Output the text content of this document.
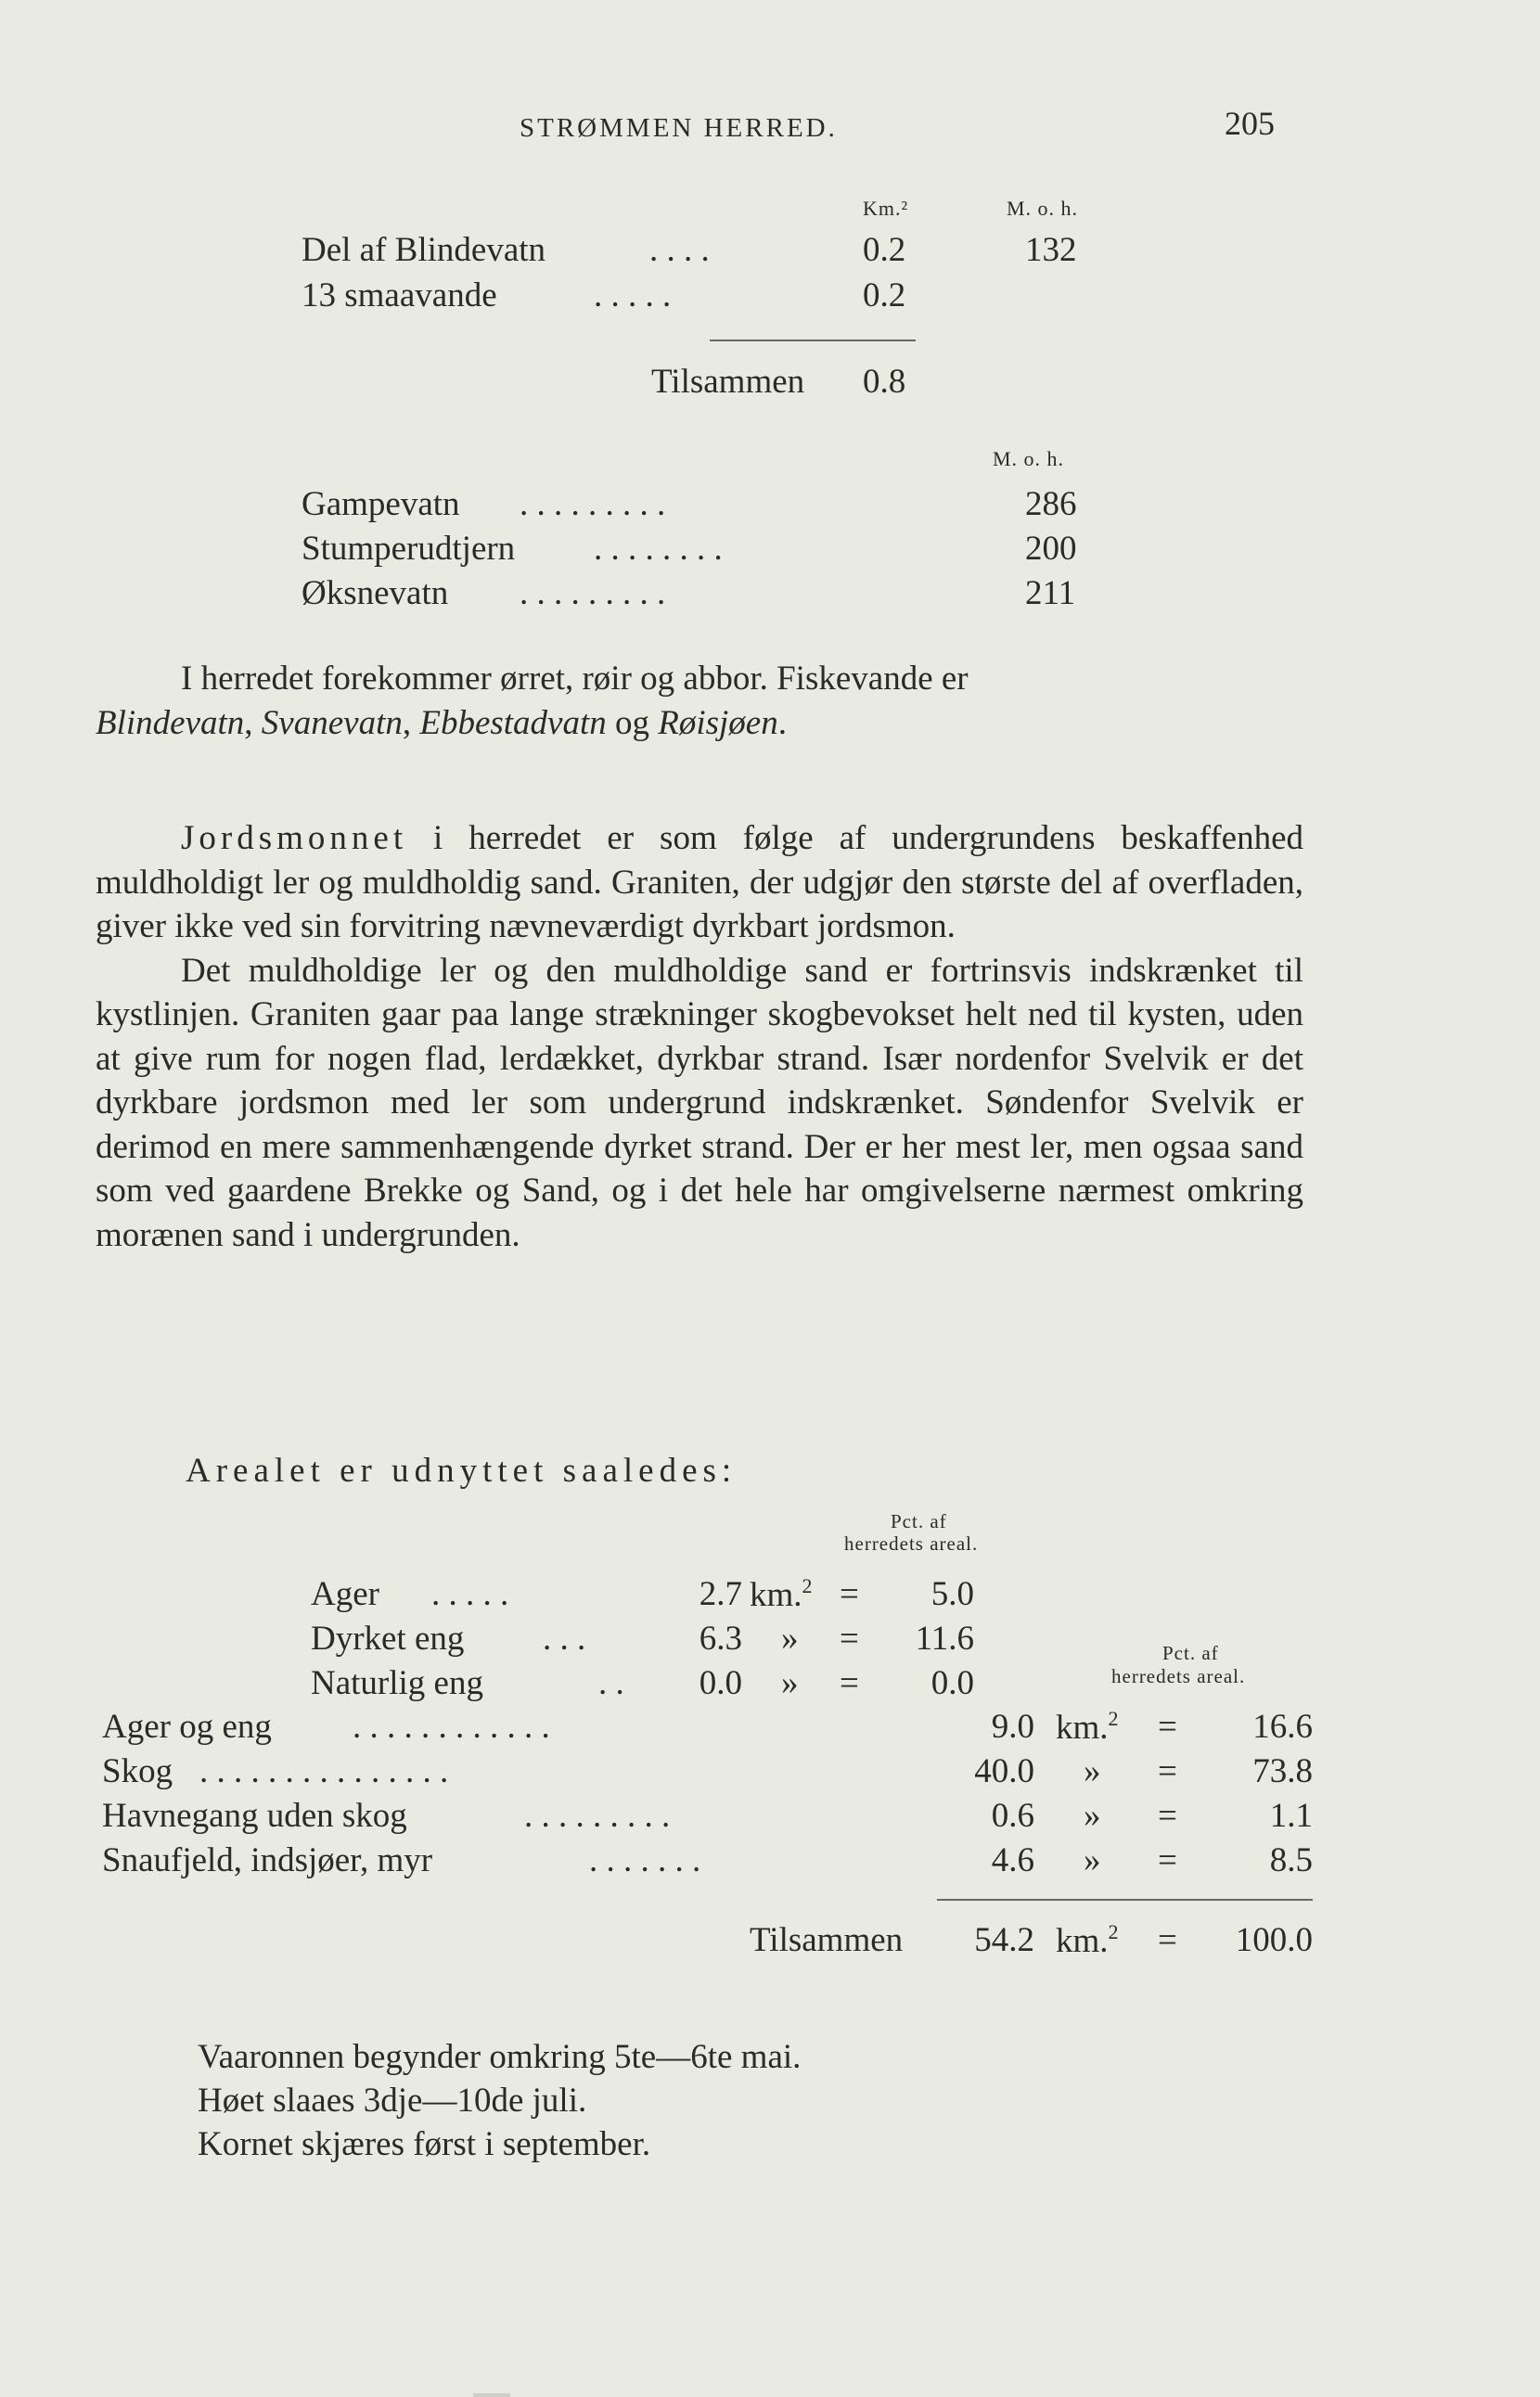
STRØMMEN HERRED.	205
Km.²	M. o. h.
Del af Blindevatn	. . . .	0.2	132
13 smaavande	. . . . .	0.2
Tilsammen 0.8
M. o. h.
Gampevatn . . . . . . . . .	286
Stumperudtjern . . . . . . . .	200
Øksnevatn . . . . . . . . .	211

I herredet forekommer ørret, røir og abbor. Fiskevande er

Blindevatn, Svanevatn, Ebbestadvatn og Røisjøen.

Jordsmonnet i herredet er som følge af undergrundens beskaffenhed muldholdigt ler og muldholdig sand. Graniten, der udgjør den største del af overfladen, giver ikke ved sin forvitring nævneværdigt dyrkbart jordsmon.

Det muldholdige ler og den muldholdige sand er fortrinsvis indskrænket til kystlinjen. Graniten gaar paa lange strækninger skogbevokset helt ned til kysten, uden at give rum for nogen flad, lerdækket, dyrkbar strand. Især nordenfor Svelvik er det dyrkbare jordsmon med ler som undergrund indskrænket. Søndenfor Svelvik er derimod en mere sammenhængende dyrket strand. Der er her mest ler, men ogsaa sand som ved gaardene Brekke og Sand, og i det hele har omgivelserne nærmest omkring morænen sand i undergrunden.

Arealet er udnyttet saaledes:
Pct. af
herredets areal.
Ager . . . . .	2.7 km.$^2$ =	5.0
Dyrket eng . . .	6.3 » =	11.6
Naturlig eng	. .	0.0 » =	0.0
Pct. af
herredets areal.
Ager og eng . . . . . . . . . . . .	9.0 km.$^2$ =	16.6
Skog . . . . . . . . . . . . . . .	40.0 » =	73.8
Havnegang uden skog	. . . . . . . . .	0.6 » =	1.1
Snaufjeld, indsjøer, myr	. . . . . . .	4.6 » =	8.5
Tilsammen	54.2 km.$^2$ =	100.0
Vaaronnen begynder omkring 5te—6te mai.
Høet slaaes 3dje—10de juli.
Kornet skjæres først i september.
